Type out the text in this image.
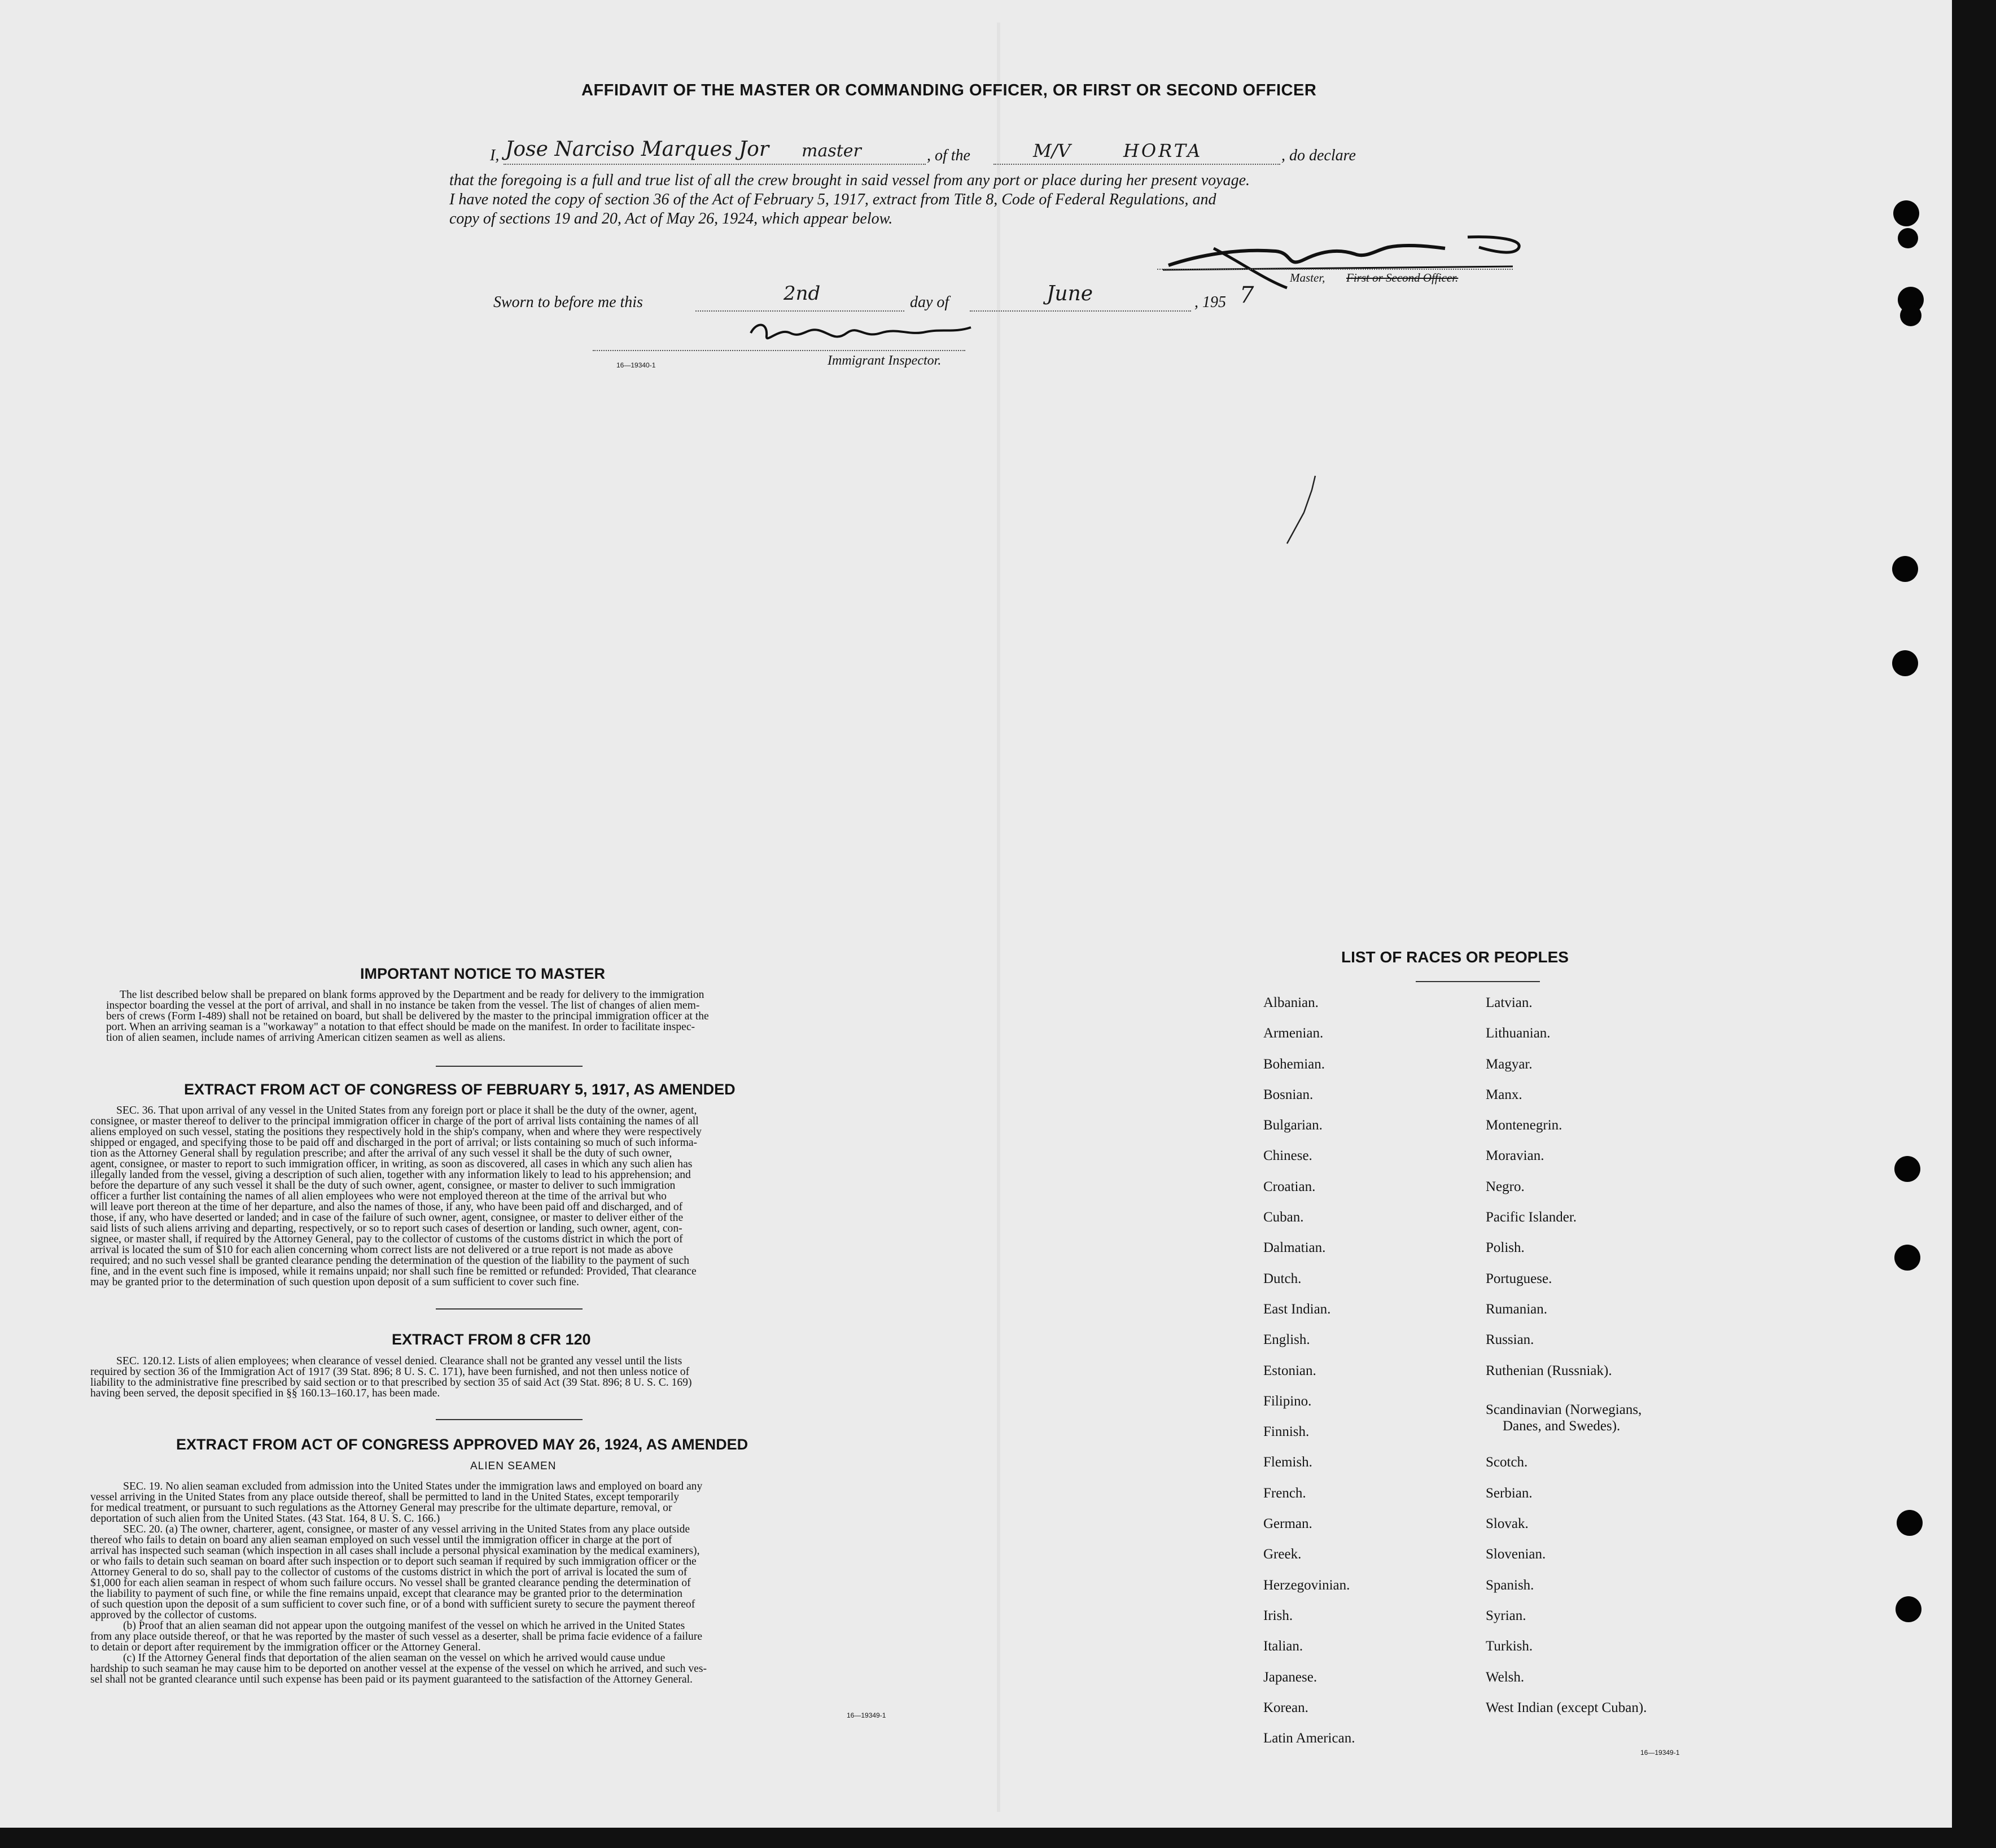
AFFIDAVIT OF THE MASTER OR COMMANDING OFFICER, OR FIRST OR SECOND OFFICER
I, Jose Narciso Marques Jor master	, of the	M/V	HORTA	, do declare
that the foregoing is a full and true list of all the crew brought in said vessel from any port or place during her present voyage.
I have noted the copy of section 36 of the Act of February 5, 1917, extract from Title 8, Code of Federal Regulations, and
copy of sections 19 and 20, Act of May 26, 1924, which appear below.
Master, First or Second Officer.
Sworn to before me this	2nd	day of	June	, 195 7
16—19340-1	Immigrant Inspector.
IMPORTANT NOTICE TO MASTER
The list described below shall be prepared on blank forms approved by the Department and be ready for delivery to the immigration
inspector boarding the vessel at the port of arrival, and shall in no instance be taken from the vessel. The list of changes of alien mem-
bers of crews (Form I-489) shall not be retained on board, but shall be delivered by the master to the principal immigration officer at the
port. When an arriving seaman is a "workaway" a notation to that effect should be made on the manifest. In order to facilitate inspec-
tion of alien seamen, include names of arriving American citizen seamen as well as aliens.
EXTRACT FROM ACT OF CONGRESS OF FEBRUARY 5, 1917, AS AMENDED
SEC. 36. That upon arrival of any vessel in the United States from any foreign port or place it shall be the duty of the owner, agent,
consignee, or master thereof to deliver to the principal immigration officer in charge of the port of arrival lists containing the names of all
aliens employed on such vessel, stating the positions they respectively hold in the ship's company, when and where they were respectively
shipped or engaged, and specifying those to be paid off and discharged in the port of arrival; or lists containing so much of such informa-
tion as the Attorney General shall by regulation prescribe; and after the arrival of any such vessel it shall be the duty of such owner,
agent, consignee, or master to report to such immigration officer, in writing, as soon as discovered, all cases in which any such alien has
illegally landed from the vessel, giving a description of such alien, together with any information likely to lead to his apprehension; and
before the departure of any such vessel it shall be the duty of such owner, agent, consignee, or master to deliver to such immigration
officer a further list containing the names of all alien employees who were not employed thereon at the time of the arrival but who
will leave port thereon at the time of her departure, and also the names of those, if any, who have been paid off and discharged, and of
those, if any, who have deserted or landed; and in case of the failure of such owner, agent, consignee, or master to deliver either of the
said lists of such aliens arriving and departing, respectively, or so to report such cases of desertion or landing, such owner, agent, con-
signee, or master shall, if required by the Attorney General, pay to the collector of customs of the customs district in which the port of
arrival is located the sum of $10 for each alien concerning whom correct lists are not delivered or a true report is not made as above
required; and no such vessel shall be granted clearance pending the determination of the question of the liability to the payment of such
fine, and in the event such fine is imposed, while it remains unpaid; nor shall such fine be remitted or refunded: Provided, That clearance
may be granted prior to the determination of such question upon deposit of a sum sufficient to cover such fine.
EXTRACT FROM 8 CFR 120
SEC. 120.12. Lists of alien employees; when clearance of vessel denied. Clearance shall not be granted any vessel until the lists
required by section 36 of the Immigration Act of 1917 (39 Stat. 896; 8 U. S. C. 171), have been furnished, and not then unless notice of
liability to the administrative fine prescribed by said section or to that prescribed by section 35 of said Act (39 Stat. 896; 8 U. S. C. 169)
having been served, the deposit specified in §§ 160.13–160.17, has been made.
EXTRACT FROM ACT OF CONGRESS APPROVED MAY 26, 1924, AS AMENDED
ALIEN SEAMEN
SEC. 19. No alien seaman excluded from admission into the United States under the immigration laws and employed on board any
vessel arriving in the United States from any place outside thereof, shall be permitted to land in the United States, except temporarily
for medical treatment, or pursuant to such regulations as the Attorney General may prescribe for the ultimate departure, removal, or
deportation of such alien from the United States. (43 Stat. 164, 8 U. S. C. 166.)
SEC. 20. (a) The owner, charterer, agent, consignee, or master of any vessel arriving in the United States from any place outside
thereof who fails to detain on board any alien seaman employed on such vessel until the immigration officer in charge at the port of
arrival has inspected such seaman (which inspection in all cases shall include a personal physical examination by the medical examiners),
or who fails to detain such seaman on board after such inspection or to deport such seaman if required by such immigration officer or the
Attorney General to do so, shall pay to the collector of customs of the customs district in which the port of arrival is located the sum of
$1,000 for each alien seaman in respect of whom such failure occurs. No vessel shall be granted clearance pending the determination of
the liability to payment of such fine, or while the fine remains unpaid, except that clearance may be granted prior to the determination
of such question upon the deposit of a sum sufficient to cover such fine, or of a bond with sufficient surety to secure the payment thereof
approved by the collector of customs.
(b) Proof that an alien seaman did not appear upon the outgoing manifest of the vessel on which he arrived in the United States
from any place outside thereof, or that he was reported by the master of such vessel as a deserter, shall be prima facie evidence of a failure
to detain or deport after requirement by the immigration officer or the Attorney General.
(c) If the Attorney General finds that deportation of the alien seaman on the vessel on which he arrived would cause undue
hardship to such seaman he may cause him to be deported on another vessel at the expense of the vessel on which he arrived, and such ves-
sel shall not be granted clearance until such expense has been paid or its payment guaranteed to the satisfaction of the Attorney General.
16—19349-1
LIST OF RACES OR PEOPLES
Albanian.
Armenian.
Bohemian.
Bosnian.
Bulgarian.
Chinese.
Croatian.
Cuban.
Dalmatian.
Dutch.
East Indian.
English.
Estonian.
Filipino.
Finnish.
Flemish.
French.
German.
Greek.
Herzegovinian.
Irish.
Italian.
Japanese.
Korean.
Latin American.
Latvian.
Lithuanian.
Magyar.
Manx.
Montenegrin.
Moravian.
Negro.
Pacific Islander.
Polish.
Portuguese.
Rumanian.
Russian.
Ruthenian (Russniak).
Scandinavian (Norwegians,
Danes, and Swedes).
Scotch.
Serbian.
Slovak.
Slovenian.
Spanish.
Syrian.
Turkish.
Welsh.
West Indian (except Cuban).
16—19349-1
